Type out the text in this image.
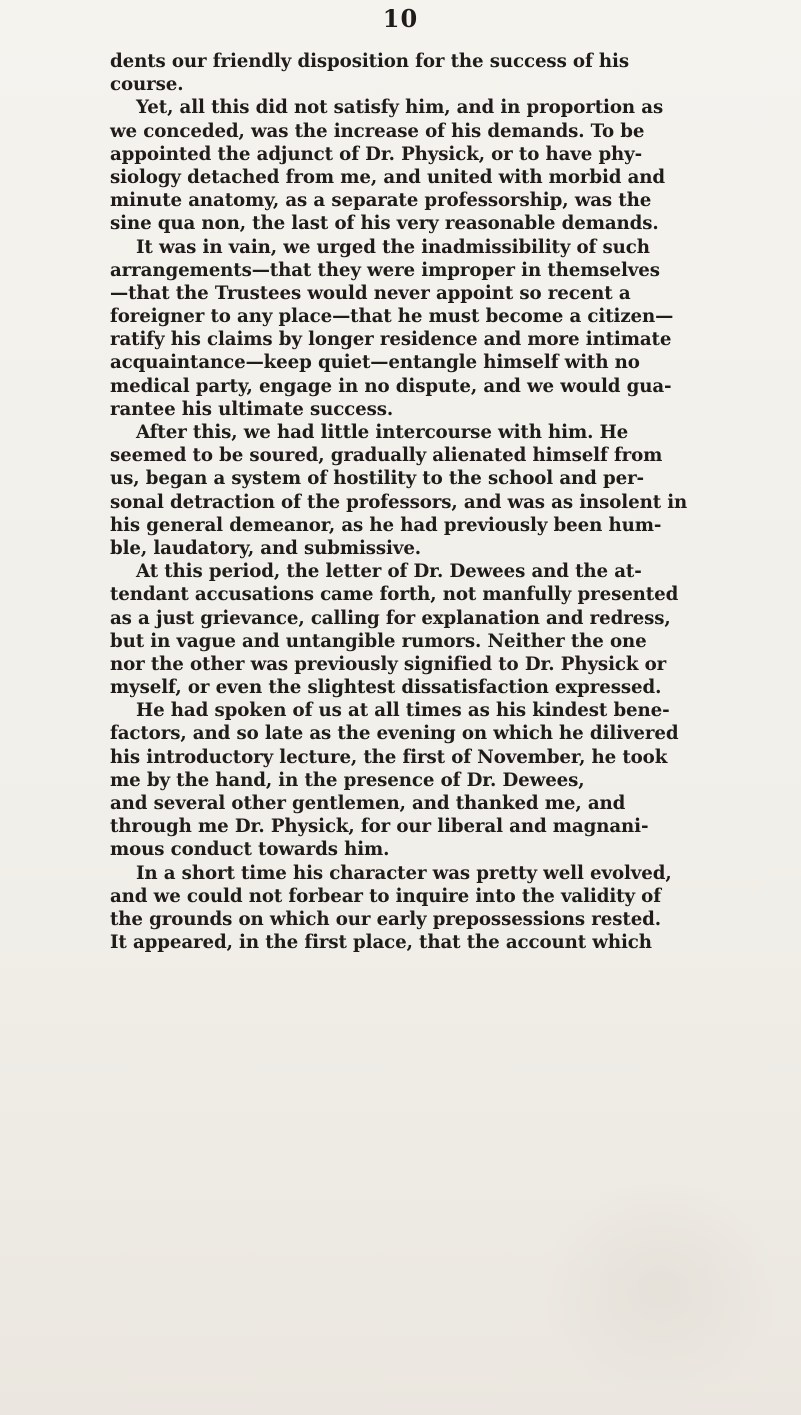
10
dents our friendly disposition for the success of his
course.
Yet, all this did not satisfy him, and in proportion as
we conceded, was the increase of his demands. To be
appointed the adjunct of Dr. Physick, or to have phy-
siology detached from me, and united with morbid and
minute anatomy, as a separate professorship, was the
sine qua non, the last of his very reasonable demands.
It was in vain, we urged the inadmissibility of such
arrangements—that they were improper in themselves
—that the Trustees would never appoint so recent a
foreigner to any place—that he must become a citizen—
ratify his claims by longer residence and more intimate
acquaintance—keep quiet—entangle himself with no
medical party, engage in no dispute, and we would gua-
rantee his ultimate success.
After this, we had little intercourse with him. He
seemed to be soured, gradually alienated himself from
us, began a system of hostility to the school and per-
sonal detraction of the professors, and was as insolent in
his general demeanor, as he had previously been hum-
ble, laudatory, and submissive.
At this period, the letter of Dr. Dewees and the at-
tendant accusations came forth, not manfully presented
as a just grievance, calling for explanation and redress,
but in vague and untangible rumors. Neither the one
nor the other was previously signified to Dr. Physick or
myself, or even the slightest dissatisfaction expressed.
He had spoken of us at all times as his kindest bene-
factors, and so late as the evening on which he dilivered
his introductory lecture, the first of November, he took
me by the hand, in the presence of Dr. Dewees,
and several other gentlemen, and thanked me, and
through me Dr. Physick, for our liberal and magnani-
mous conduct towards him.
In a short time his character was pretty well evolved,
and we could not forbear to inquire into the validity of
the grounds on which our early prepossessions rested.
It appeared, in the first place, that the account which
